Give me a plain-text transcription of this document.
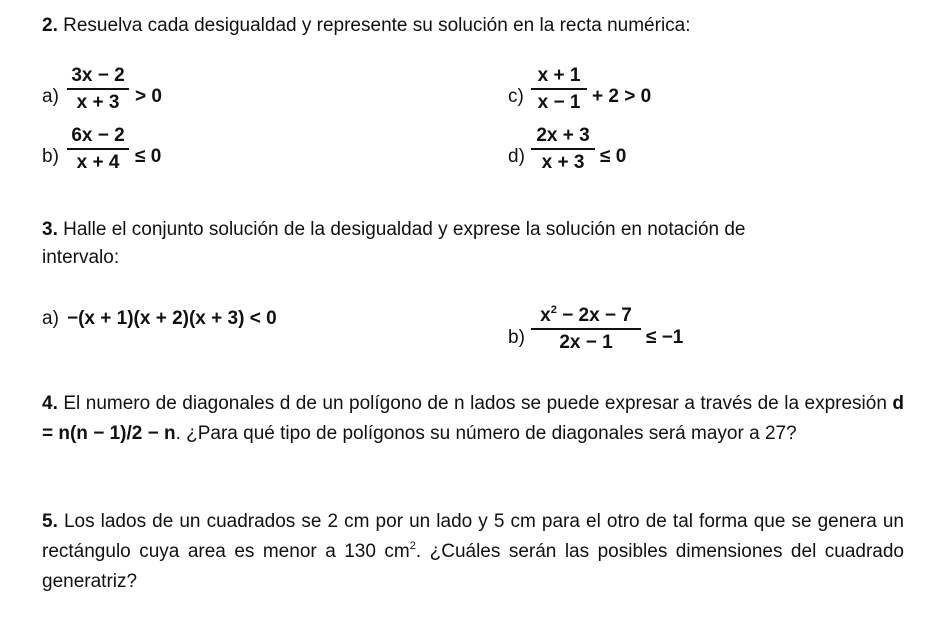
2. Resuelva cada desigualdad y represente su solución en la recta numérica:
a)
3x − 2
x + 3 > 0	c)
x + 1
x − 1 + 2 > 0
b)
6x − 2
x + 4 ≤ 0	d)
2x + 3
x + 3 ≤ 0
3. Halle el conjunto solución de la desigualdad y exprese la solución en notación de
intervalo:
a) −(x + 1)(x + 2)(x + 3) < 0
b)
$x^2 - 2x - 7$
2x − 1	≤ −1
4. El numero de diagonales d de un polígono de n lados se puede expresar a través de la expresión d = n(n − 1)/2 − n. ¿Para qué tipo de polígonos su número de diagonales será mayor a 27?
5. Los lados de un cuadrados se 2 cm por un lado y 5 cm para el otro de tal forma que se genera un rectángulo cuya area es menor a 130 $cm^2$. ¿Cuáles serán las posibles dimensiones del cuadrado generatriz?
